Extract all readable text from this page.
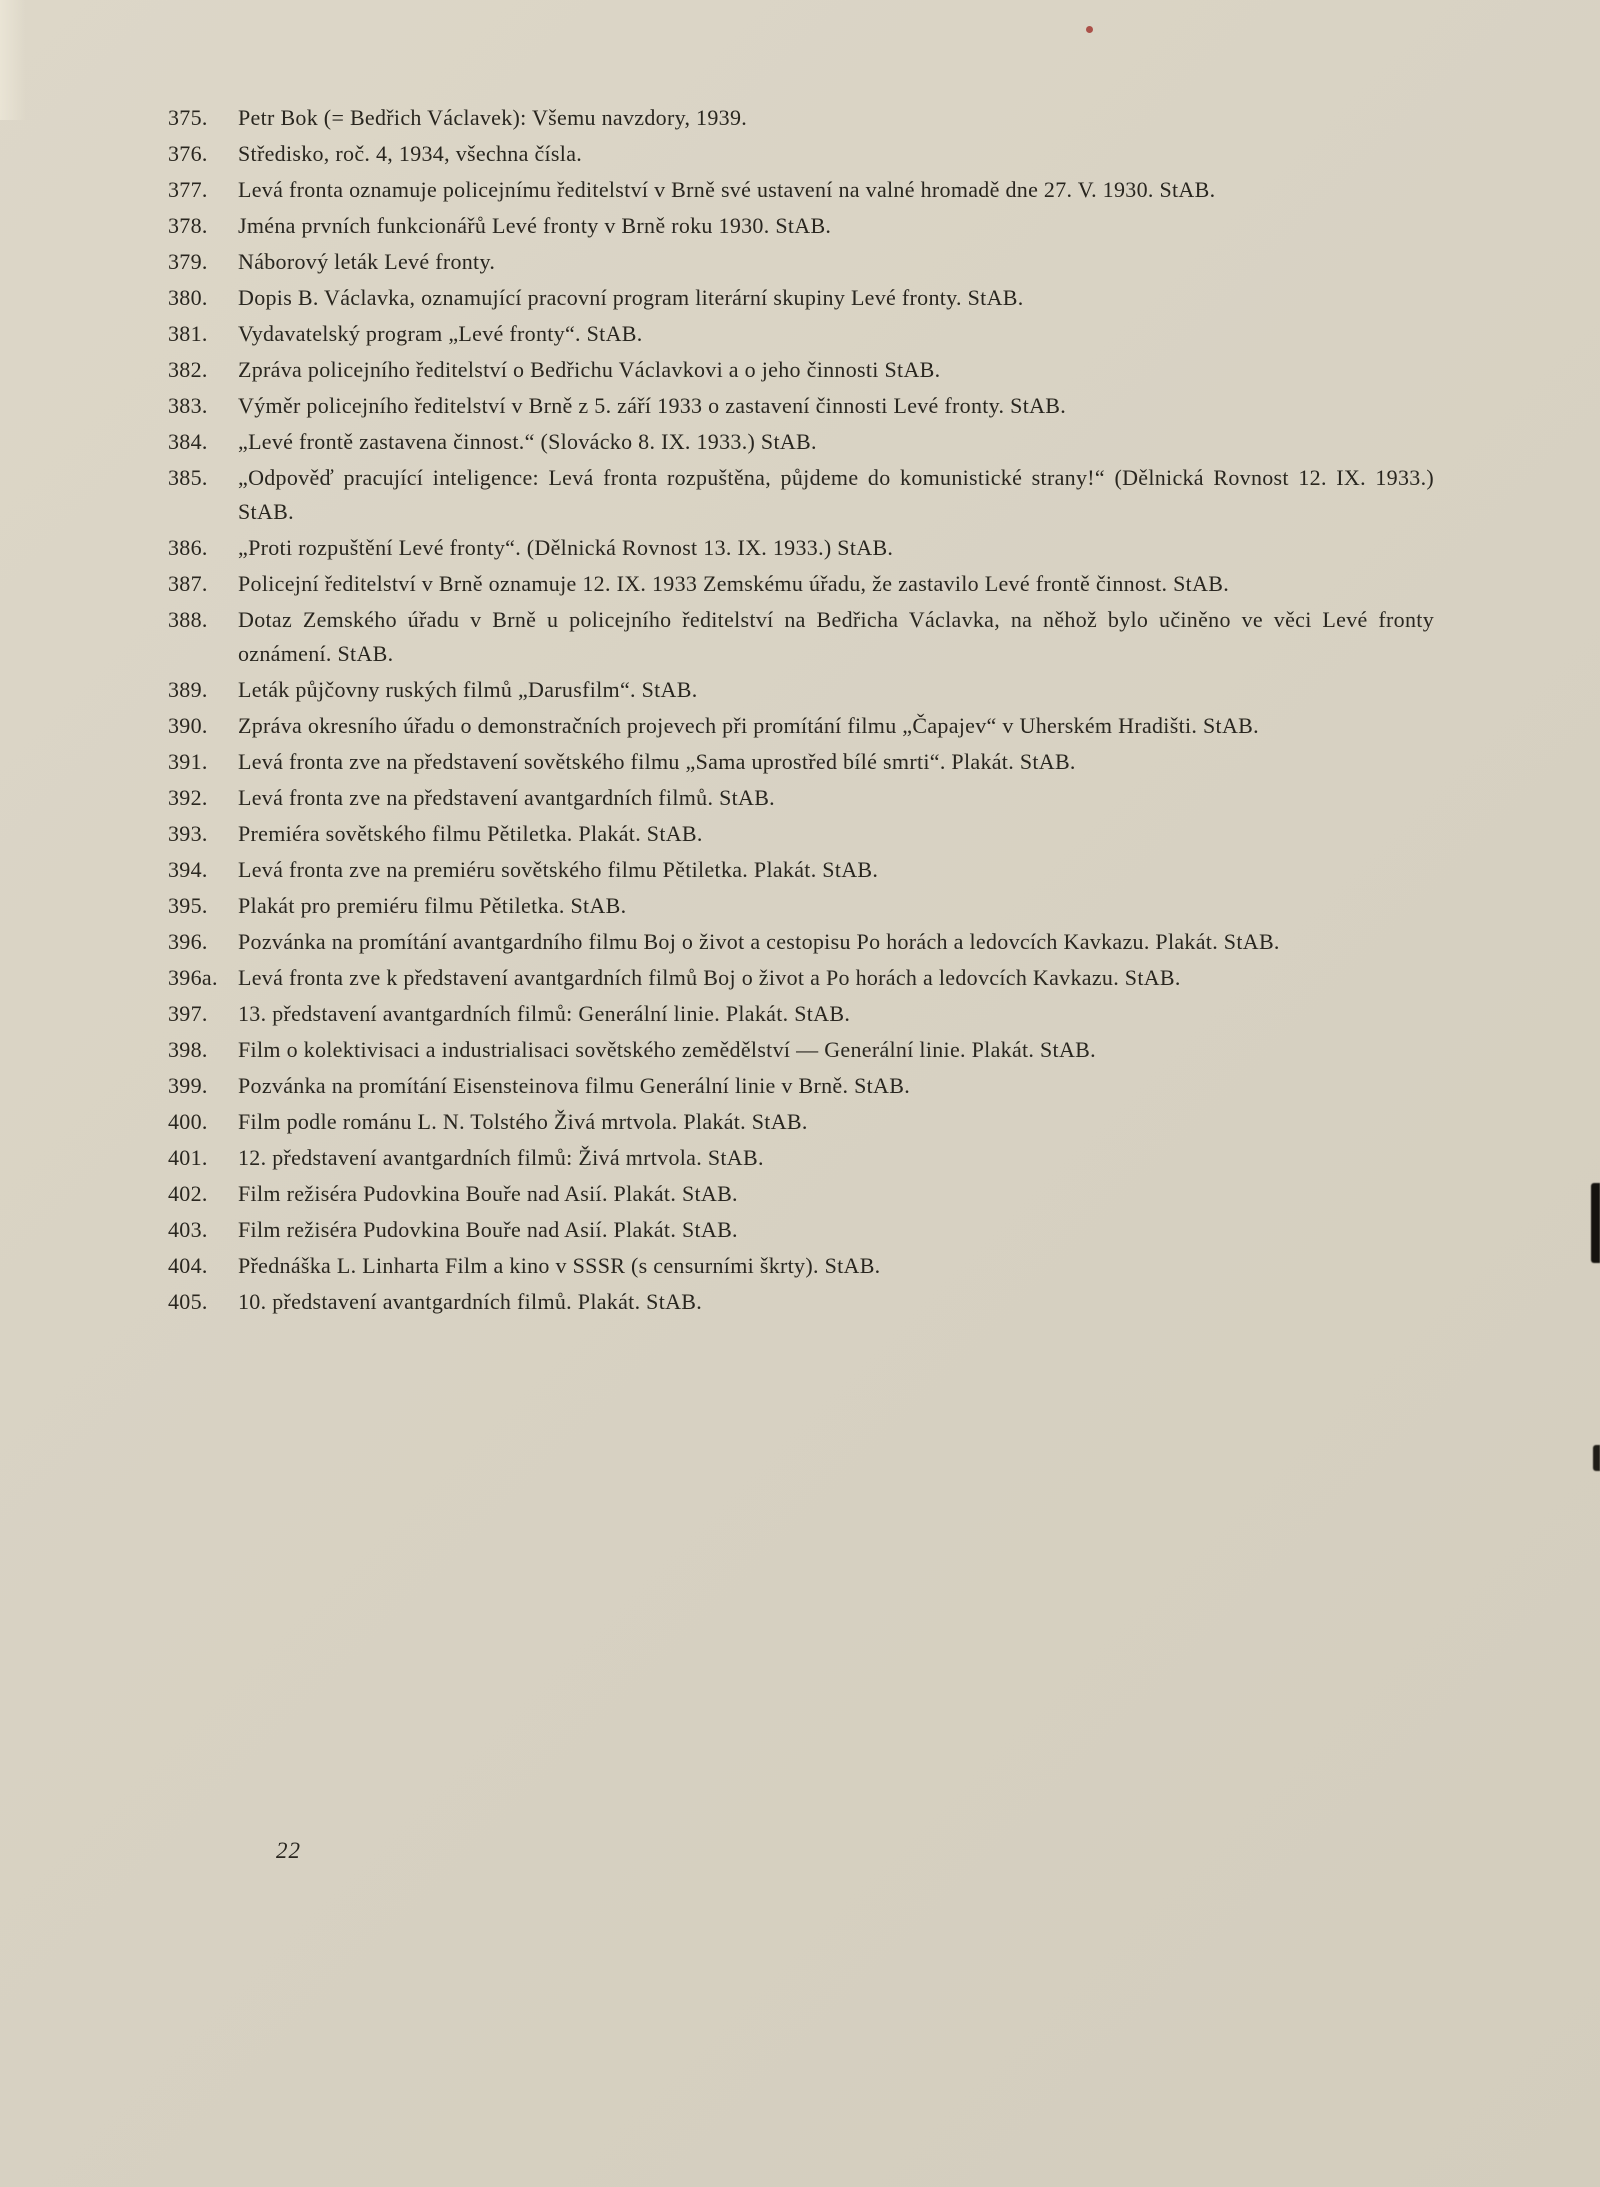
375.	Petr Bok (= Bedřich Václavek): Všemu navzdory, 1939.
376.	Středisko, roč. 4, 1934, všechna čísla.
377.	Levá fronta oznamuje policejnímu ředitelství v Brně své ustavení na valné hromadě dne 27. V. 1930. StAB.
378.	Jména prvních funkcionářů Levé fronty v Brně roku 1930. StAB.
379.	Náborový leták Levé fronty.
380.	Dopis B. Václavka, oznamující pracovní program literární skupiny Levé fronty. StAB.
381.	Vydavatelský program „Levé fronty“. StAB.
382.	Zpráva policejního ředitelství o Bedřichu Václavkovi a o jeho činnosti StAB.
383.	Výměr policejního ředitelství v Brně z 5. září 1933 o zastavení činnosti Levé fronty. StAB.
384.	„Levé frontě zastavena činnost.“ (Slovácko 8. IX. 1933.) StAB.
385.	„Odpověď pracující inteligence: Levá fronta rozpuštěna, půjdeme do komunistické strany!“ (Dělnická Rovnost 12. IX. 1933.) StAB.
386.	„Proti rozpuštění Levé fronty“. (Dělnická Rovnost 13. IX. 1933.) StAB.
387.	Policejní ředitelství v Brně oznamuje 12. IX. 1933 Zemskému úřadu, že zastavilo Levé frontě činnost. StAB.
388.	Dotaz Zemského úřadu v Brně u policejního ředitelství na Bedřicha Václavka, na něhož bylo učiněno ve věci Levé fronty oznámení. StAB.
389.	Leták půjčovny ruských filmů „Darusfilm“. StAB.
390.	Zpráva okresního úřadu o demonstračních projevech při promítání filmu „Čapajev“ v Uherském Hradišti. StAB.
391.	Levá fronta zve na představení sovětského filmu „Sama uprostřed bílé smrti“. Plakát. StAB.
392.	Levá fronta zve na představení avantgardních filmů. StAB.
393.	Premiéra sovětského filmu Pětiletka. Plakát. StAB.
394.	Levá fronta zve na premiéru sovětského filmu Pětiletka. Plakát. StAB.
395.	Plakát pro premiéru filmu Pětiletka. StAB.
396.	Pozvánka na promítání avantgardního filmu Boj o život a cestopisu Po horách a ledovcích Kavkazu. Plakát. StAB.
396a. Levá fronta zve k představení avantgardních filmů Boj o život a Po horách a ledovcích Kavkazu. StAB.
397.	13. představení avantgardních filmů: Generální linie. Plakát. StAB.
398.	Film o kolektivisaci a industrialisaci sovětského zemědělství — Generální linie. Plakát. StAB.
399.	Pozvánka na promítání Eisensteinova filmu Generální linie v Brně. StAB.
400.	Film podle románu L. N. Tolstého Živá mrtvola. Plakát. StAB.
401.	12. představení avantgardních filmů: Živá mrtvola. StAB.
402.	Film režiséra Pudovkina Bouře nad Asií. Plakát. StAB.
403.	Film režiséra Pudovkina Bouře nad Asií. Plakát. StAB.
404.	Přednáška L. Linharta Film a kino v SSSR (s censurními škrty). StAB.
405.	10. představení avantgardních filmů. Plakát. StAB.
22
